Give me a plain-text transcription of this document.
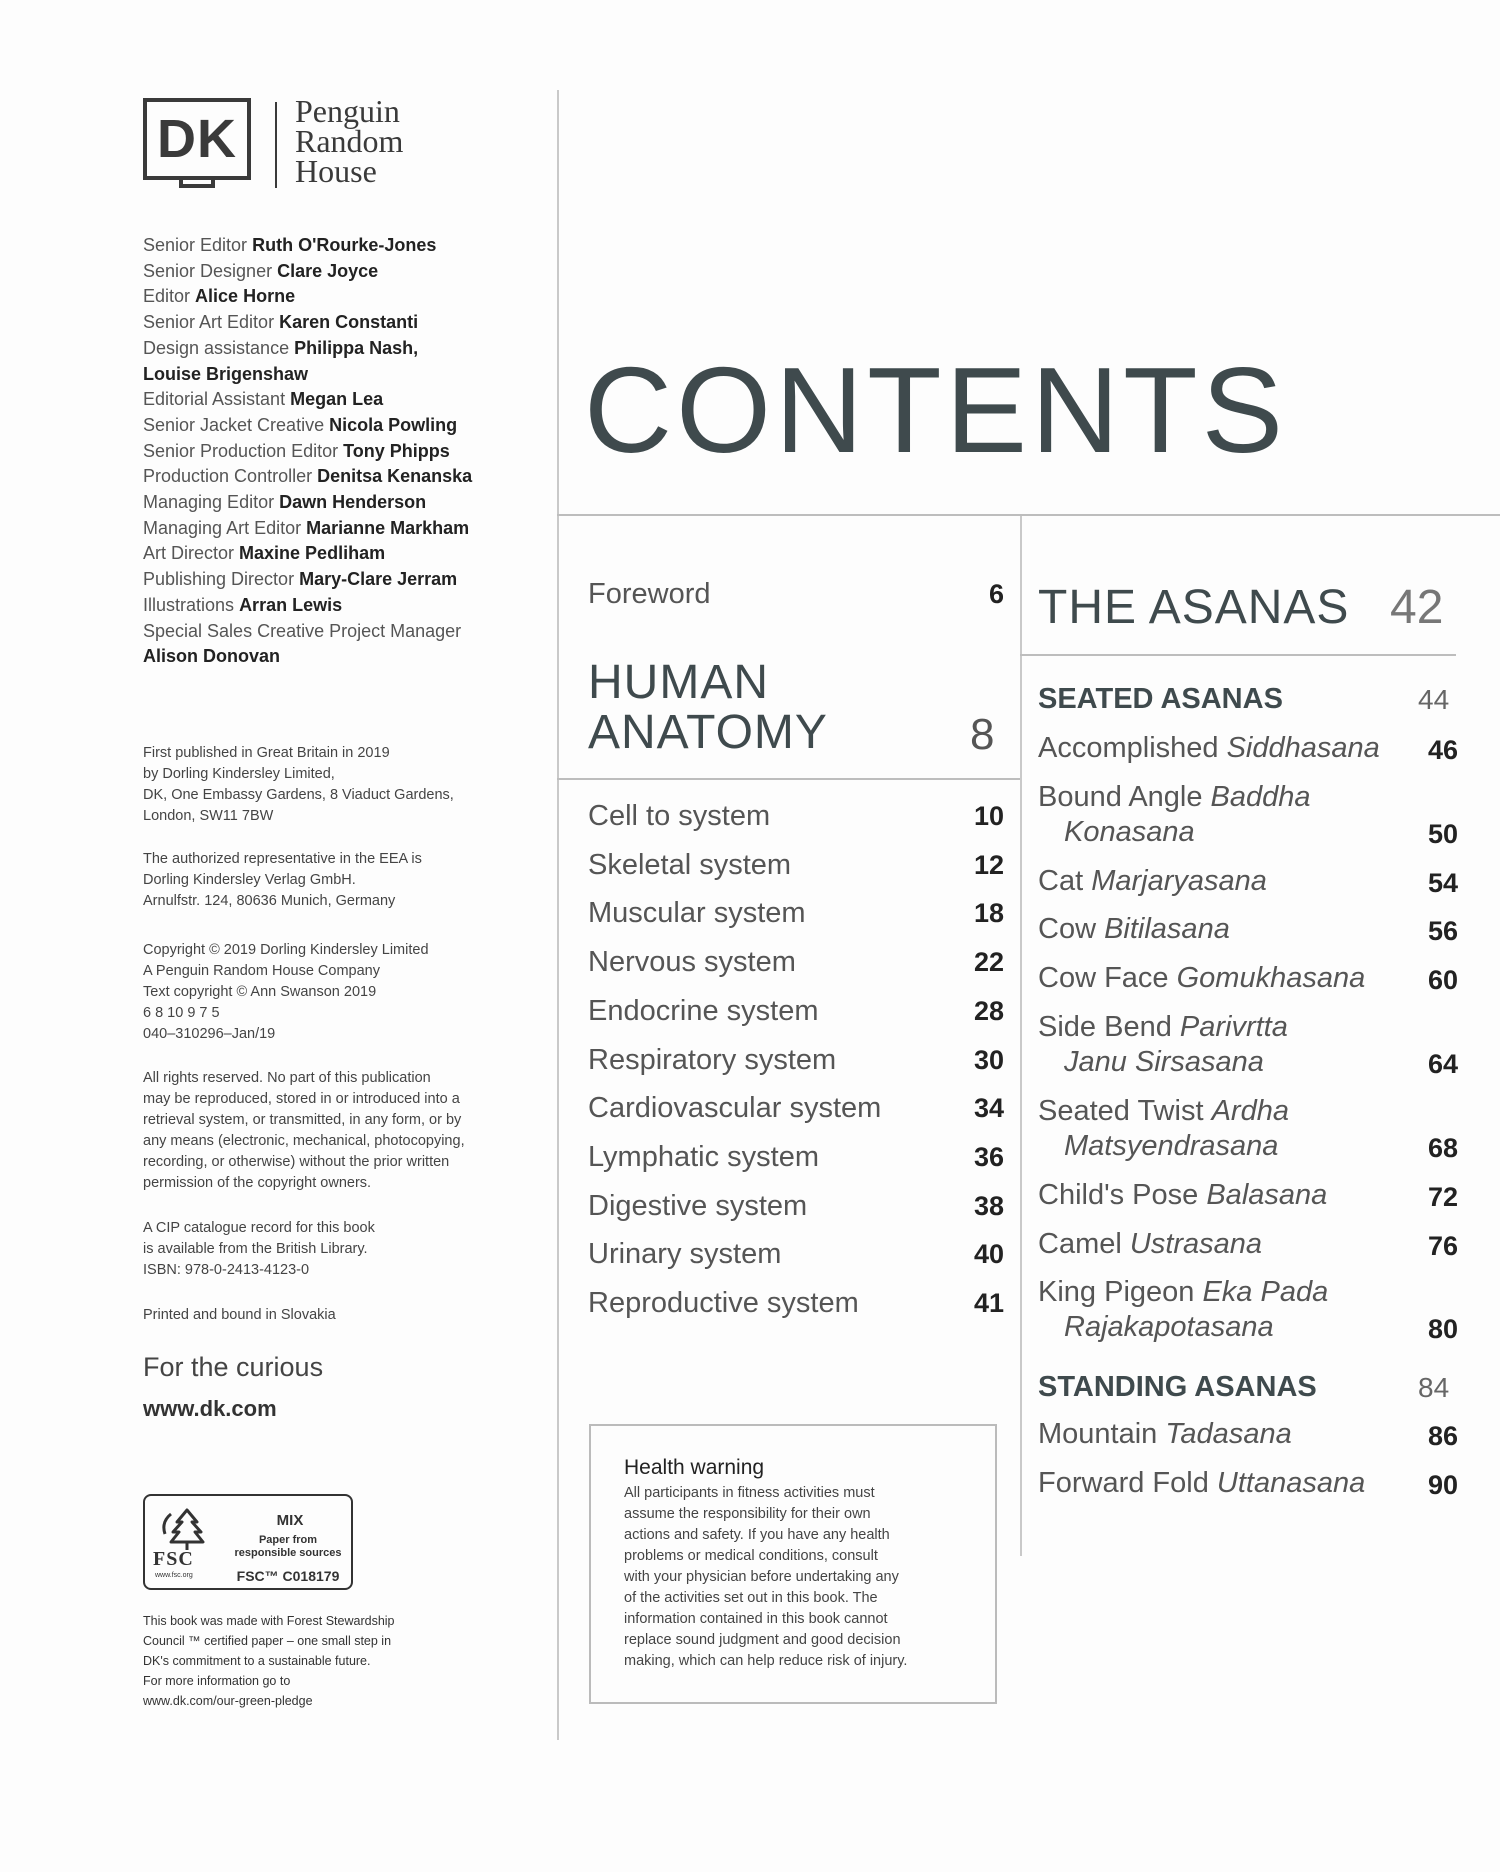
DK Penguin
Random
House
Senior Editor Ruth O'Rourke-Jones
Senior Designer Clare Joyce
Editor Alice Horne
Senior Art Editor Karen Constanti
Design assistance Philippa Nash,
Louise Brigenshaw
Editorial Assistant Megan Lea
Senior Jacket Creative Nicola Powling
Senior Production Editor Tony Phipps
Production Controller Denitsa Kenanska
Managing Editor Dawn Henderson
Managing Art Editor Marianne Markham
Art Director Maxine Pedliham
Publishing Director Mary-Clare Jerram
Illustrations Arran Lewis
Special Sales Creative Project Manager
Alison Donovan
First published in Great Britain in 2019
by Dorling Kindersley Limited,
DK, One Embassy Gardens, 8 Viaduct Gardens,
London, SW11 7BW
The authorized representative in the EEA is
Dorling Kindersley Verlag GmbH.
Arnulfstr. 124, 80636 Munich, Germany
Copyright © 2019 Dorling Kindersley Limited
A Penguin Random House Company
Text copyright © Ann Swanson 2019
6 8 10 9 7 5
040–310296–Jan/19
All rights reserved. No part of this publication
may be reproduced, stored in or introduced into a
retrieval system, or transmitted, in any form, or by
any means (electronic, mechanical, photocopying,
recording, or otherwise) without the prior written
permission of the copyright owners.
A CIP catalogue record for this book
is available from the British Library.
ISBN: 978-0-2413-4123-0
Printed and bound in Slovakia
For the curious
www.dk.com
FSC
www.fsc.org
MIX
Paper from
responsible sources
FSC™ C018179
This book was made with Forest Stewardship
Council ™ certified paper – one small step in
DK's commitment to a sustainable future.
For more information go to
www.dk.com/our-green-pledge
CONTENTS
Foreword	6
HUMAN
ANATOMY	8
Cell to system	10
Skeletal system	12
Muscular system	18
Nervous system	22
Endocrine system	28
Respiratory system	30
Cardiovascular system	34
Lymphatic system	36
Digestive system	38
Urinary system	40
Reproductive system	41
Health warning
All participants in fitness activities must
assume the responsibility for their own
actions and safety. If you have any health
problems or medical conditions, consult
with your physician before undertaking any
of the activities set out in this book. The
information contained in this book cannot
replace sound judgment and good decision
making, which can help reduce risk of injury.
THE ASANAS 42
SEATED ASANAS	44
Accomplished Siddhasana	46
Bound Angle Baddha
Konasana	50
Cat Marjaryasana	54
Cow Bitilasana	56
Cow Face Gomukhasana	60
Side Bend Parivrtta
Janu Sirsasana	64
Seated Twist Ardha
Matsyendrasana	68
Child's Pose Balasana	72
Camel Ustrasana	76
King Pigeon Eka Pada
Rajakapotasana	80
STANDING ASANAS	84
Mountain Tadasana	86
Forward Fold Uttanasana	90
